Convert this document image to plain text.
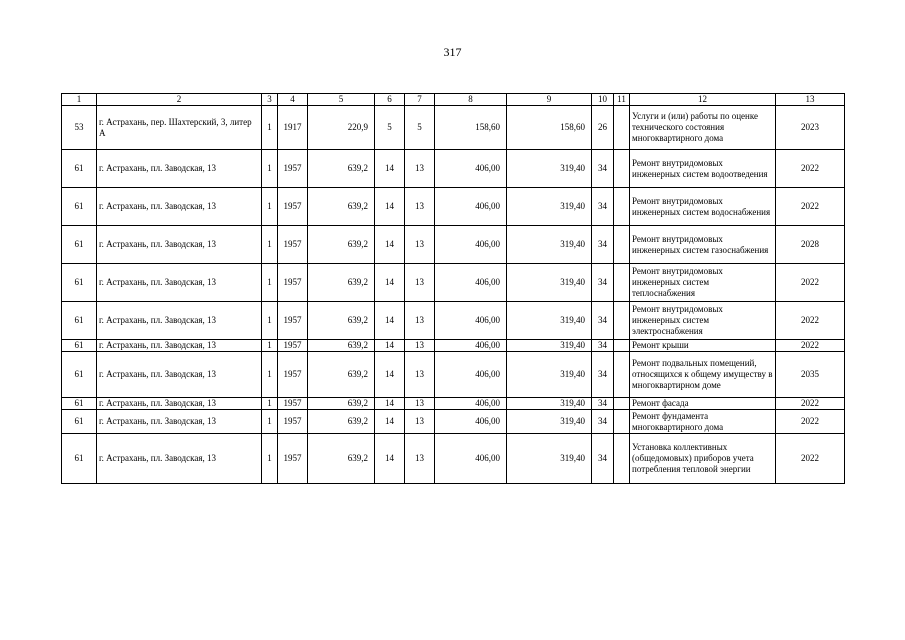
317
1	2	3	4	5	6	7	8	9	10	11	12	13
53	г. Астрахань, пер. Шахтерский, 3, литер А	1	1917	220,9	5	5	158,60	158,60	26		Услуги и (или) работы по оценке технического состояния многоквартирного дома	2023
61	г. Астрахань, пл. Заводская, 13	1	1957	639,2	14	13	406,00	319,40	34		Ремонт внутридомовых инженерных систем водоотведения	2022
61	г. Астрахань, пл. Заводская, 13	1	1957	639,2	14	13	406,00	319,40	34		Ремонт внутридомовых инженерных систем водоснабжения	2022
61	г. Астрахань, пл. Заводская, 13	1	1957	639,2	14	13	406,00	319,40	34		Ремонт внутридомовых инженерных систем газоснабжения	2028
61	г. Астрахань, пл. Заводская, 13	1	1957	639,2	14	13	406,00	319,40	34		Ремонт внутридомовых инженерных систем теплоснабжения	2022
61	г. Астрахань, пл. Заводская, 13	1	1957	639,2	14	13	406,00	319,40	34		Ремонт внутридомовых инженерных систем электроснабжения	2022
61	г. Астрахань, пл. Заводская, 13	1	1957	639,2	14	13	406,00	319,40	34		Ремонт крыши	2022
61	г. Астрахань, пл. Заводская, 13	1	1957	639,2	14	13	406,00	319,40	34		Ремонт подвальных помещений, относящихся к общему имуществу в многоквартирном доме	2035
61	г. Астрахань, пл. Заводская, 13	1	1957	639,2	14	13	406,00	319,40	34		Ремонт фасада	2022
61	г. Астрахань, пл. Заводская, 13	1	1957	639,2	14	13	406,00	319,40	34		Ремонт фундамента многоквартирного дома	2022
61	г. Астрахань, пл. Заводская, 13	1	1957	639,2	14	13	406,00	319,40	34		Установка коллективных (общедомовых) приборов учета потребления тепловой энергии	2022
